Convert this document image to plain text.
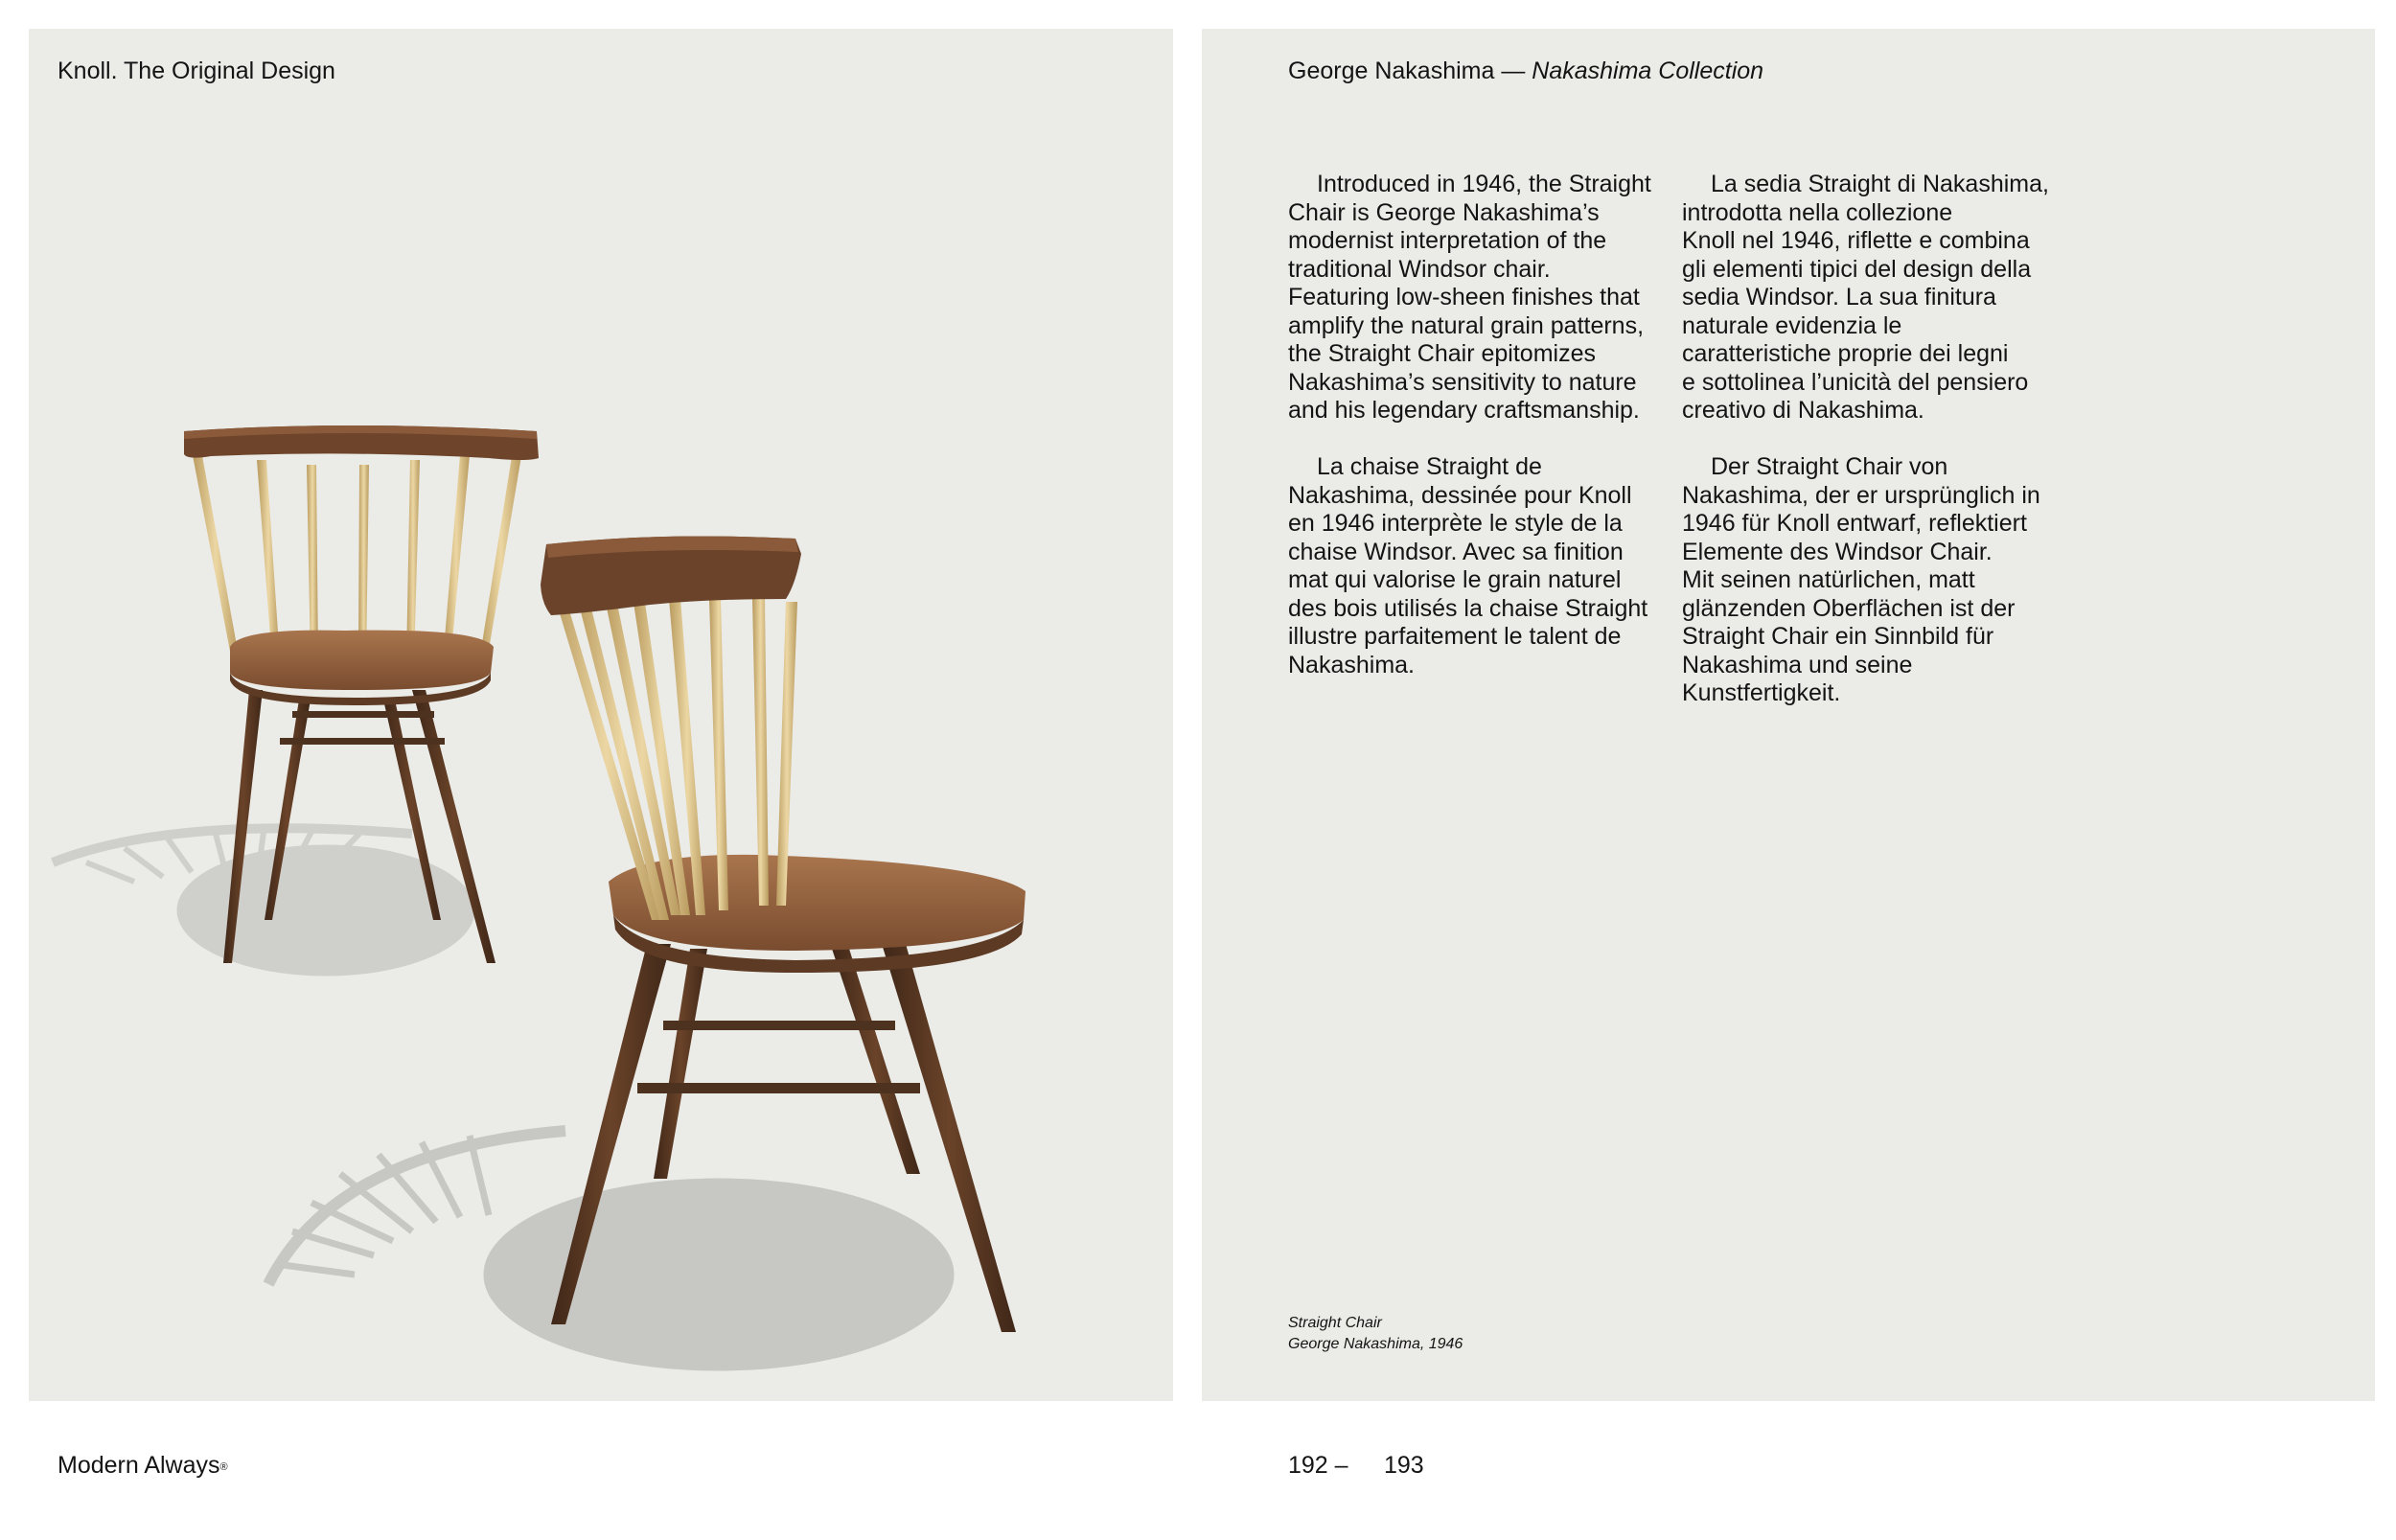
Knoll. The Original Design	George Nakashima — Nakashima Collection

Introduced in 1946, the Straight
Chair is George Nakashima’s
modernist interpretation of the
traditional Windsor chair.
Featuring low-sheen finishes that
amplify the natural grain patterns,
the Straight Chair epitomizes
Nakashima’s sensitivity to nature
and his legendary craftsmanship.

La chaise Straight de
Nakashima, dessinée pour Knoll
en 1946 interprète le style de la
chaise Windsor. Avec sa finition
mat qui valorise le grain naturel
des bois utilisés la chaise Straight
illustre parfaitement le talent de
Nakashima.

La sedia Straight di Nakashima,
introdotta nella collezione
Knoll nel 1946, riflette e combina
gli elementi tipici del design della
sedia Windsor. La sua finitura
naturale evidenzia le
caratteristiche proprie dei legni
e sottolinea l’unicità del pensiero
creativo di Nakashima.

Der Straight Chair von
Nakashima, der er ursprünglich in
1946 für Knoll entwarf, reflektiert
Elemente des Windsor Chair.
Mit seinen natürlichen, matt
glänzenden Oberflächen ist der
Straight Chair ein Sinnbild für
Nakashima und seine
Kunstfertigkeit.

Straight Chair
George Nakashima, 1946
Modern Always®	192 – 193
